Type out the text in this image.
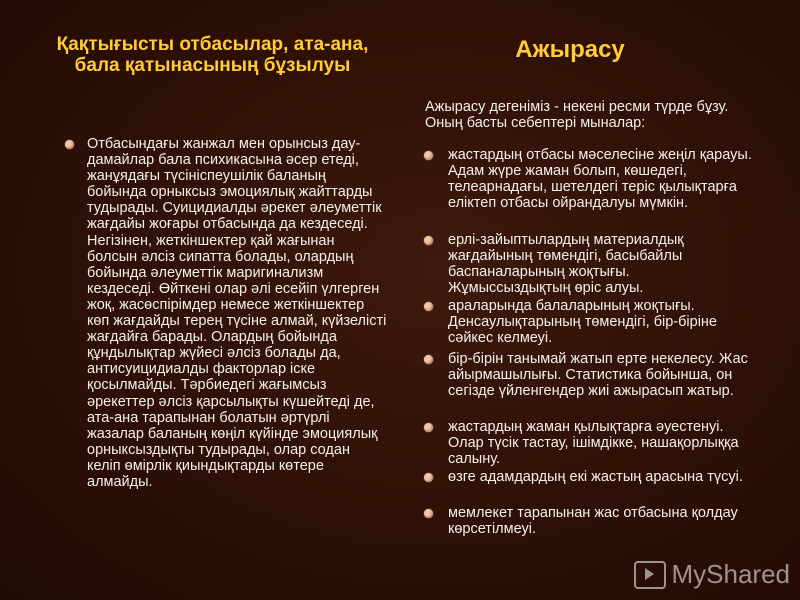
Қақтығысты отбасылар, ата-ана, бала қатынасының бұзылуы
Ажырасу
Отбасындағы жанжал мен орынсыз дау-дамайлар бала психикасына әсер етеді, жанұядағы түсініспеушілік баланың бойында орныксыз эмоциялық жайттарды тудырады. Суицидиалды әрекет әлеуметтік жағдайы жоғары отбасында да кездеседі. Негізінен, жеткіншектер қай жағынан болсын әлсіз сипатта болады, олардың бойында әлеуметтік маригинализм кездеседі. Өйткені олар әлі есейіп үлгерген жоқ, жасөспірімдер немесе жеткіншектер көп жағдайды терең түсіне алмай, күйзелісті жағдайға барады. Олардың бойында құндылықтар жүйесі әлсіз болады да, антисуицидиалды факторлар іске қосылмайды. Тәрбиедегі жағымсыз әрекеттер әлсіз қарсылықты күшейтеді де, ата-ана тарапынан болатын әртүрлі жазалар баланың көңіл күйінде эмоциялық орныксыздықты тудырады, олар содан келіп өмірлік қиындықтарды көтере алмайды.
Ажырасу дегеніміз - некені ресми түрде бұзу. Оның басты себептері мыналар:
жастардың отбасы мәселесіне жеңіл қарауы. Адам жүре жаман болып, көшедегі, телеарнадағы, шетелдегі теріс қылықтарға еліктеп отбасы ойрандалуы мүмкін.
ерлі-зайыптылардың материалдық жағдайының төмендігі, басыбайлы баспаналарының жоқтығы. Жұмыссыздықтың өріс алуы.
араларында балаларының жоқтығы. Денсаулықтарының төмендігі, бір-біріне сәйкес келмеуі.
бір-бірін танымай жатып ерте некелесу. Жас айырмашылығы. Статистика бойынша, он сегізде үйленгендер жиі ажырасып жатыр.
жастардың жаман қылықтарға әуестенуі. Олар түсік тастау, ішімдікке, нашақорлыққа салыну.
өзге адамдардың екі жастың арасына түсуі.
мемлекет тарапынан жас отбасына қолдау көрсетілмеуі.
MyShared
